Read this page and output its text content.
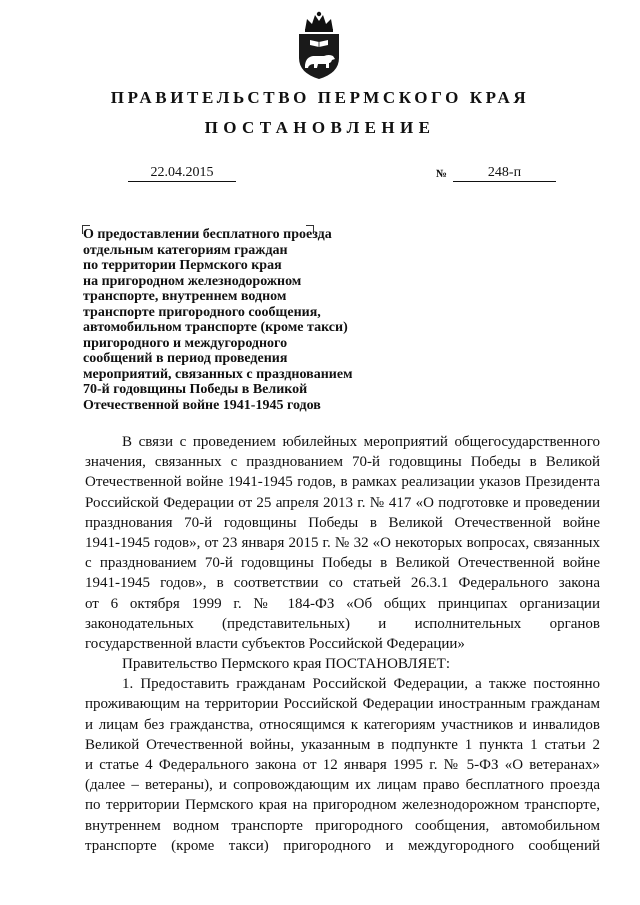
ПРАВИТЕЛЬСТВО ПЕРМСКОГО КРАЯ
ПОСТАНОВЛЕНИЕ
22.04.2015	№	248-п
О предоставлении бесплатного проезда
отдельным категориям граждан
по территории Пермского края
на пригородном железнодорожном
транспорте, внутреннем водном
транспорте пригородного сообщения,
автомобильном транспорте (кроме такси)
пригородного и междугородного
сообщений в период проведения
мероприятий, связанных с празднованием
70-й годовщины Победы в Великой
Отечественной войне 1941-1945 годов
В связи с проведением юбилейных мероприятий общегосударственного
значения, связанных с празднованием 70-й годовщины Победы в Великой
Отечественной войне 1941-1945 годов, в рамках реализации указов Президента
Российской Федерации от 25 апреля 2013 г. № 417 «О подготовке и проведении
празднования 70-й годовщины Победы в Великой Отечественной войне
1941-1945 годов», от 23 января 2015 г. № 32 «О некоторых вопросах, связанных
с празднованием 70-й годовщины Победы в Великой Отечественной войне
1941-1945 годов», в соответствии со статьей 26.3.1 Федерального закона
от 6 октября 1999 г. № 184-ФЗ «Об общих принципах организации
законодательных (представительных) и исполнительных органов
государственной власти субъектов Российской Федерации»
Правительство Пермского края ПОСТАНОВЛЯЕТ:
1. Предоставить гражданам Российской Федерации, а также постоянно
проживающим на территории Российской Федерации иностранным гражданам
и лицам без гражданства, относящимся к категориям участников и инвалидов
Великой Отечественной войны, указанным в подпункте 1 пункта 1 статьи 2
и статье 4 Федерального закона от 12 января 1995 г. № 5-ФЗ «О ветеранах»
(далее – ветераны), и сопровождающим их лицам право бесплатного проезда
по территории Пермского края на пригородном железнодорожном транспорте,
внутреннем водном транспорте пригородного сообщения, автомобильном
транспорте (кроме такси) пригородного и междугородного сообщений
